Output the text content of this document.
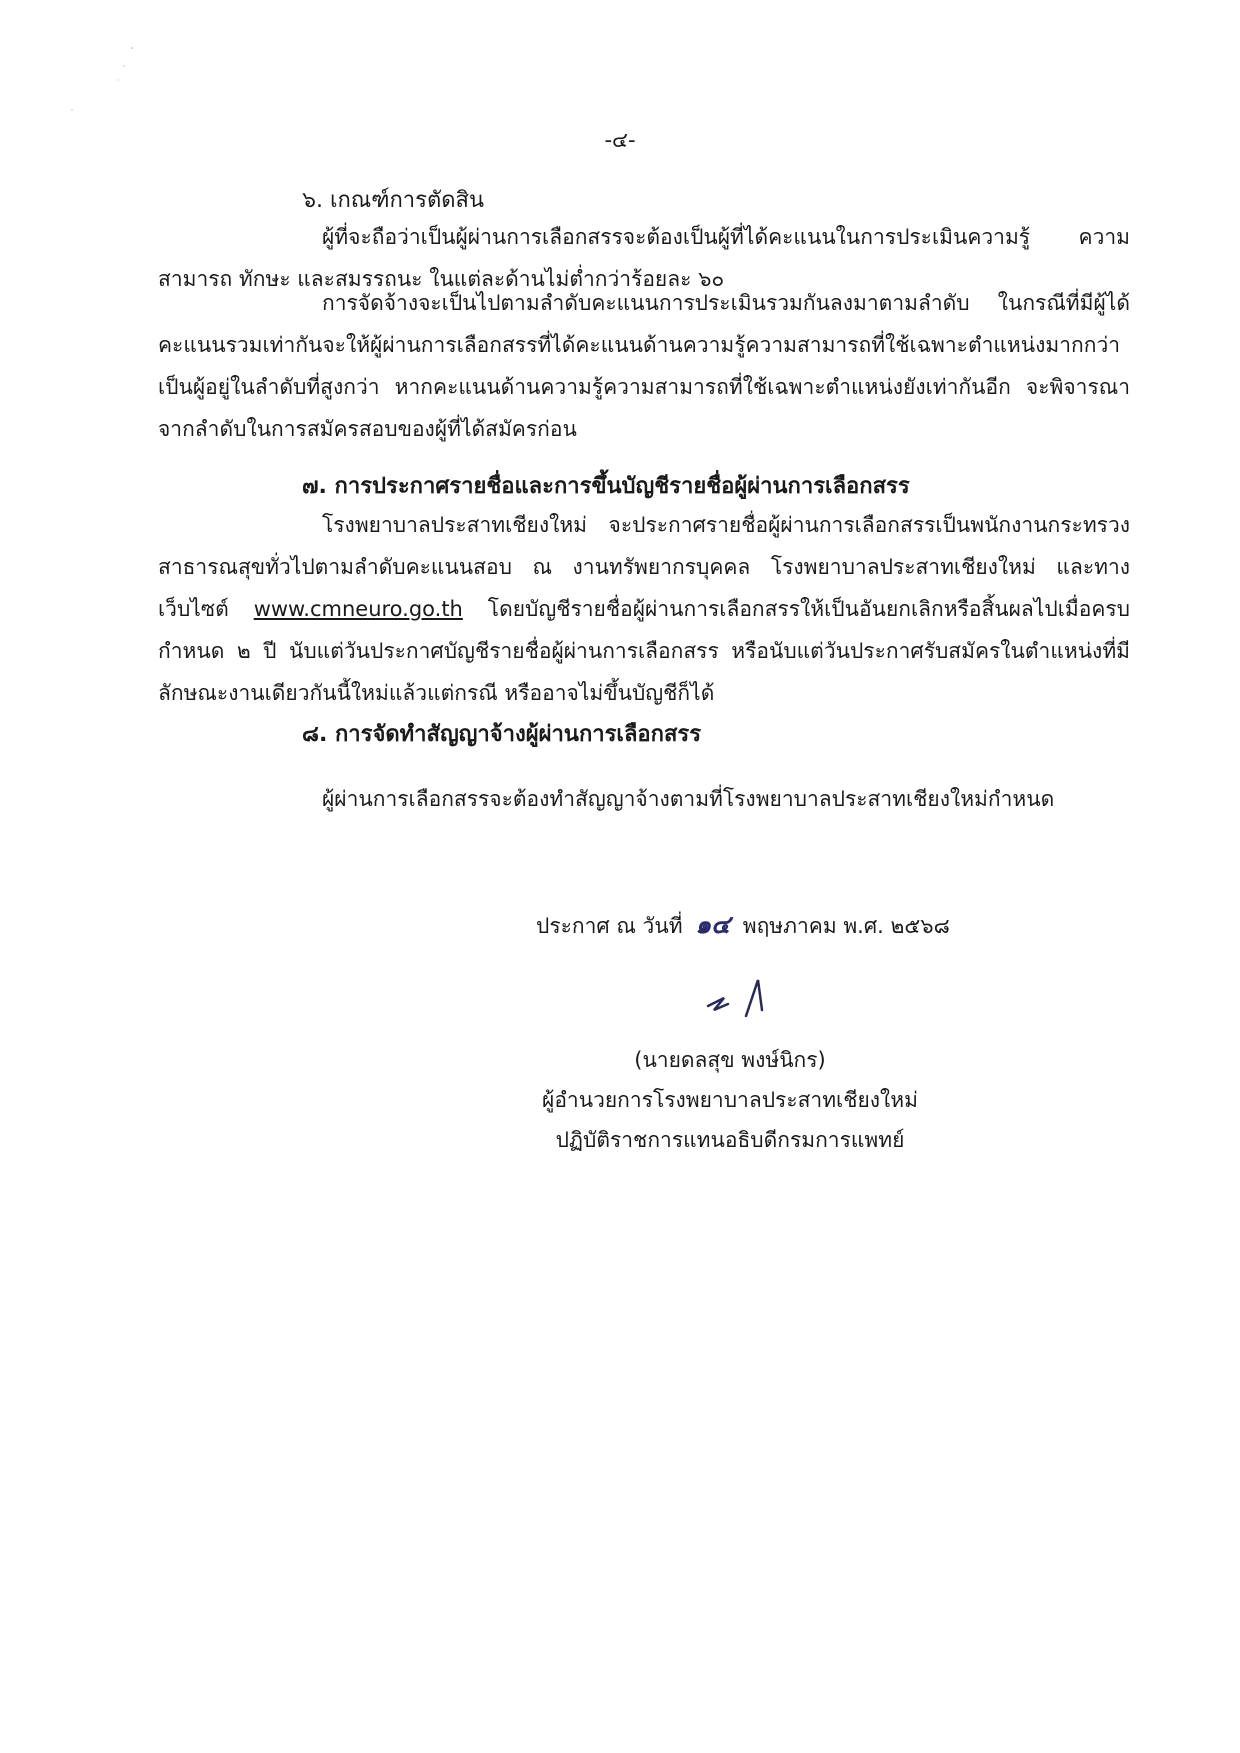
-๔-
๖. เกณฑ์การตัดสิน
ผู้ที่จะถือว่าเป็นผู้ผ่านการเลือกสรรจะต้องเป็นผู้ที่ได้คะแนนในการประเมินความรู้ ความสามารถ ทักษะ และสมรรถนะ ในแต่ละด้านไม่ต่ำกว่าร้อยละ ๖๐
การจัดจ้างจะเป็นไปตามลำดับคะแนนการประเมินรวมกันลงมาตามลำดับ ในกรณีที่มีผู้ได้คะแนนรวมเท่ากันจะให้ผู้ผ่านการเลือกสรรที่ได้คะแนนด้านความรู้ความสามารถที่ใช้เฉพาะตำแหน่งมากกว่าเป็นผู้อยู่ในลำดับที่สูงกว่า หากคะแนนด้านความรู้ความสามารถที่ใช้เฉพาะตำแหน่งยังเท่ากันอีก จะพิจารณาจากลำดับในการสมัครสอบของผู้ที่ได้สมัครก่อน
๗. การประกาศรายชื่อและการขึ้นบัญชีรายชื่อผู้ผ่านการเลือกสรร
โรงพยาบาลประสาทเชียงใหม่ จะประกาศรายชื่อผู้ผ่านการเลือกสรรเป็นพนักงานกระทรวงสาธารณสุขทั่วไปตามลำดับคะแนนสอบ ณ งานทรัพยากรบุคคล โรงพยาบาลประสาทเชียงใหม่ และทางเว็บไซต์ www.cmneuro.go.th โดยบัญชีรายชื่อผู้ผ่านการเลือกสรรให้เป็นอันยกเลิกหรือสิ้นผลไปเมื่อครบกำหนด ๒ ปี นับแต่วันประกาศบัญชีรายชื่อผู้ผ่านการเลือกสรร หรือนับแต่วันประกาศรับสมัครในตำแหน่งที่มีลักษณะงานเดียวกันนี้ใหม่แล้วแต่กรณี หรืออาจไม่ขึ้นบัญชีก็ได้
๘. การจัดทำสัญญาจ้างผู้ผ่านการเลือกสรร
ผู้ผ่านการเลือกสรรจะต้องทำสัญญาจ้างตามที่โรงพยาบาลประสาทเชียงใหม่กำหนด
ประกาศ ณ วันที่ ๑๔ พฤษภาคม พ.ศ. ๒๕๖๘
(นายดลสุข พงษ์นิกร)
ผู้อำนวยการโรงพยาบาลประสาทเชียงใหม่
ปฏิบัติราชการแทนอธิบดีกรมการแพทย์
